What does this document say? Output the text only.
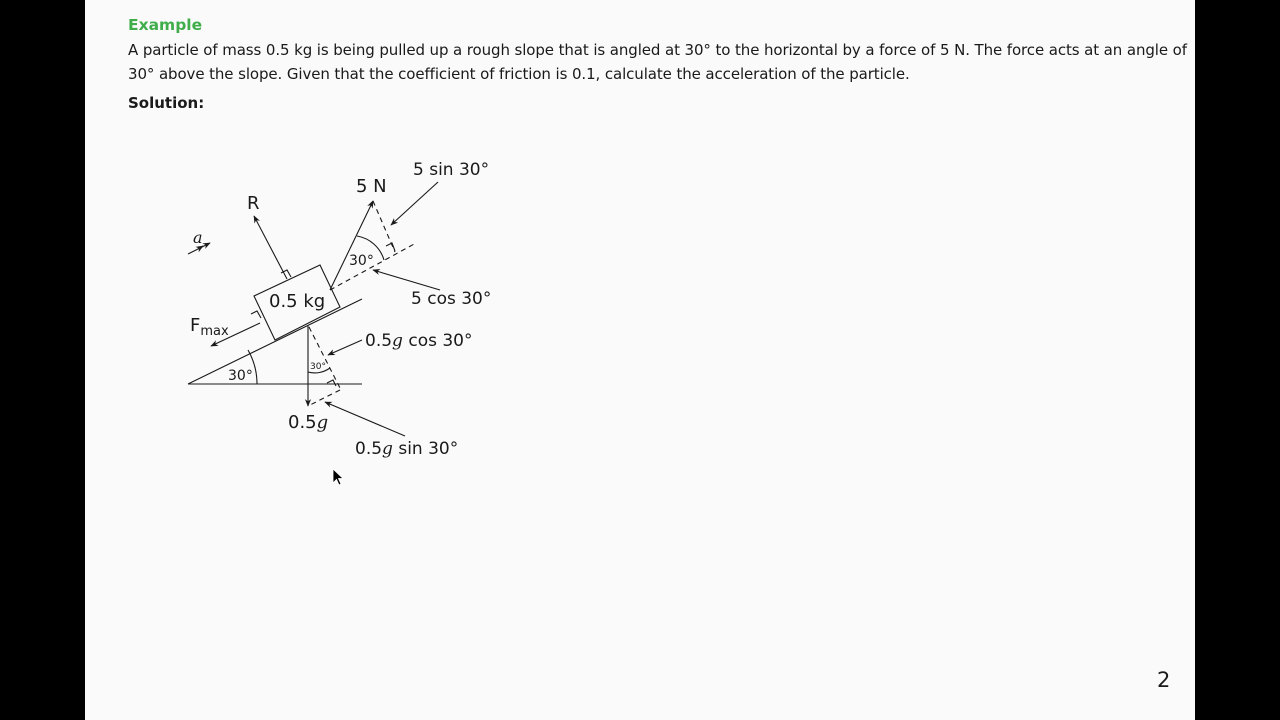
Example
A particle of mass 0.5 kg is being pulled up a rough slope that is angled at 30° to the horizontal by a force of 5 N. The force acts at an angle of
30° above the slope. Given that the coefficient of friction is 0.1, calculate the acceleration of the particle.
Solution:
2
0.5 kg
R
5 N
5 sin 30°
5 cos 30°
30°
$F_{max}$
a
30°
30°
0.5g
0.5g cos 30°
0.5g sin 30°
